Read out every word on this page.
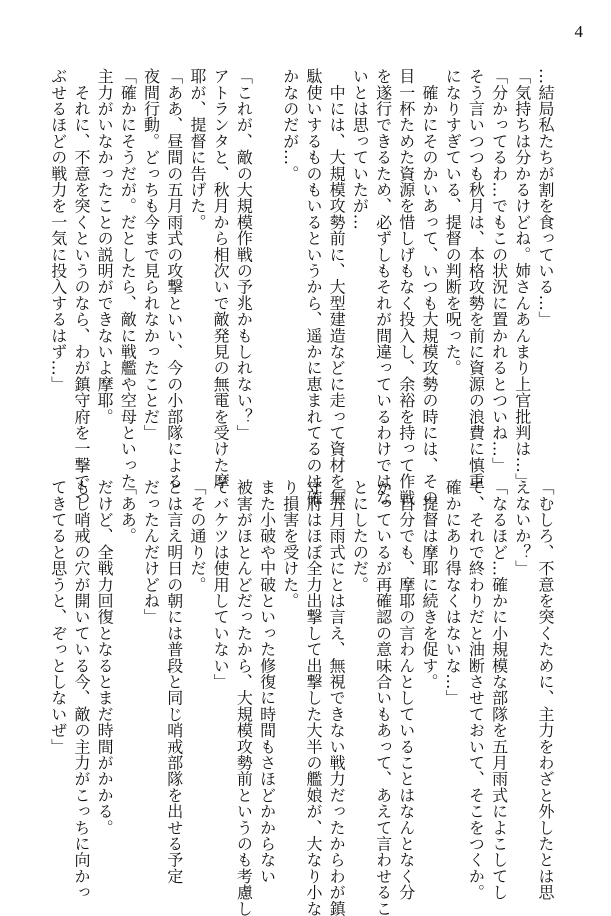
4
…結局私たちが割を食っている…」
「気持ちは分かるけどね。姉さんあんまり上官批判は…」
「分かってるわ…でもこの状況に置かれるとついね…」
そう言いつつも秋月は、本格攻勢を前に資源の浪費に慎重
になりすぎている、提督の判断を呪った。
　確かにそのかいあって、いつも大規模攻勢の時には、その
目一杯ためた資源を惜しげもなく投入し、余裕を持って作戦
を遂行できるため、必ずしもそれが間違っているわけではな
いとは思っていたが…
　中には、大規模攻勢前に、大型建造などに走って資材を無
駄使いするものもいるというから、遥かに恵まれてるのは確
かなのだが…。

「これが、敵の大規模作戦の予兆かもしれない？」
アトランタと、秋月から相次いで敵発見の無電を受けた摩
耶が、提督に告げた。
「ああ、昼間の五月雨式の攻撃といい、今の小部隊による
夜間行動。どっちも今まで見られなかったことだ」
「確かにそうだが。だとしたら、敵に戦艦や空母といった
主力がいなかったことの説明ができないよ摩耶。
　それに、不意を突くというのなら、わが鎮守府を一撃でつ
ぶせるほどの戦力を一気に投入するはず…」
「むしろ、不意を突くために、主力をわざと外したとは思
えないか？」
「なるほど…確かに小規模な部隊を五月雨式によこしてし
て、それで終わりだと油断させておいて、そこをつくか。
確かにあり得なくはないな…」
　提督は摩耶に続きを促す。
　自分でも、摩耶の言わんとしていることはなんとなく分
かっているが再確認の意味合いもあって、あえて言わせるこ
とにしたのだ。
「五月雨式にとは言え、無視できない戦力だったからわが鎮
守府はほぼ全力出撃して出撃した大半の艦娘が、大なり小な
り損害を受けた。
また小破や中破といった修復に時間もさほどかからない
被害がほとんどだったから、大規模攻勢前というのも考慮し
てバケツは使用していない」
「その通りだ。
とは言え明日の朝には普段と同じ哨戒部隊を出せる予定
だったんだけどね」
「ああ。
だけど、全戦力回復となるとまだ時間がかかる。
もし哨戒の穴が開いている今、敵の主力がこっちに向かっ
てきてると思うと、ぞっとしないぜ」
